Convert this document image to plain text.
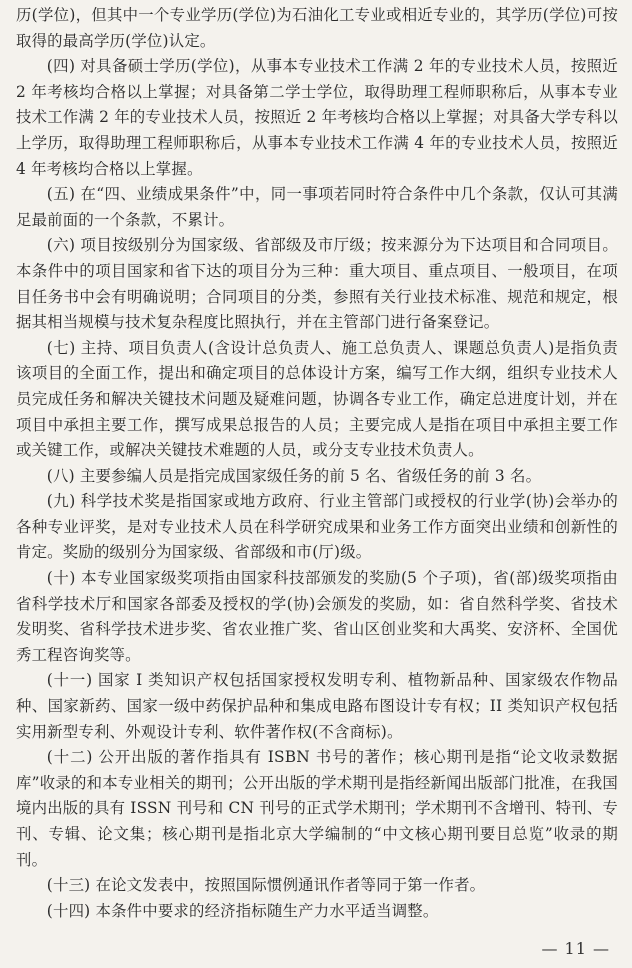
历(学位)，但其中一个专业学历(学位)为石油化工专业或相近专业的，其学历(学位)可按取得的最高学历(学位)认定。

(四) 对具备硕士学历(学位)，从事本专业技术工作满 2 年的专业技术人员，按照近 2 年考核均合格以上掌握；对具备第二学士学位，取得助理工程师职称后，从事本专业技术工作满 2 年的专业技术人员，按照近 2 年考核均合格以上掌握；对具备大学专科以上学历，取得助理工程师职称后，从事本专业技术工作满 4 年的专业技术人员，按照近 4 年考核均合格以上掌握。

(五) 在“四、业绩成果条件”中，同一事项若同时符合条件中几个条款，仅认可其满足最前面的一个条款，不累计。

(六) 项目按级别分为国家级、省部级及市厅级；按来源分为下达项目和合同项目。本条件中的项目国家和省下达的项目分为三种：重大项目、重点项目、一般项目，在项目任务书中会有明确说明；合同项目的分类，参照有关行业技术标准、规范和规定，根据其相当规模与技术复杂程度比照执行，并在主管部门进行备案登记。

(七) 主持、项目负责人(含设计总负责人、施工总负责人、课题总负责人)是指负责该项目的全面工作，提出和确定项目的总体设计方案，编写工作大纲，组织专业技术人员完成任务和解决关键技术问题及疑难问题，协调各专业工作，确定总进度计划，并在项目中承担主要工作，撰写成果总报告的人员；主要完成人是指在项目中承担主要工作或关键工作，或解决关键技术难题的人员，或分支专业技术负责人。

(八) 主要参编人员是指完成国家级任务的前 5 名、省级任务的前 3 名。

(九) 科学技术奖是指国家或地方政府、行业主管部门或授权的行业学(协)会举办的各种专业评奖，是对专业技术人员在科学研究成果和业务工作方面突出业绩和创新性的肯定。奖励的级别分为国家级、省部级和市(厅)级。

(十) 本专业国家级奖项指由国家科技部颁发的奖励(5 个子项)，省(部)级奖项指由省科学技术厅和国家各部委及授权的学(协)会颁发的奖励，如：省自然科学奖、省技术发明奖、省科学技术进步奖、省农业推广奖、省山区创业奖和大禹奖、安济杯、全国优秀工程咨询奖等。

(十一) 国家 I 类知识产权包括国家授权发明专利、植物新品种、国家级农作物品种、国家新药、国家一级中药保护品种和集成电路布图设计专有权；II 类知识产权包括实用新型专利、外观设计专利、软件著作权(不含商标)。

(十二) 公开出版的著作指具有 ISBN 书号的著作；核心期刊是指“论文收录数据库”收录的和本专业相关的期刊；公开出版的学术期刊是指经新闻出版部门批准，在我国境内出版的具有 ISSN 刊号和 CN 刊号的正式学术期刊；学术期刊不含增刊、特刊、专刊、专辑、论文集；核心期刊是指北京大学编制的“中文核心期刊要目总览”收录的期刊。

(十三) 在论文发表中，按照国际惯例通讯作者等同于第一作者。

(十四) 本条件中要求的经济指标随生产力水平适当调整。

— 11 —
